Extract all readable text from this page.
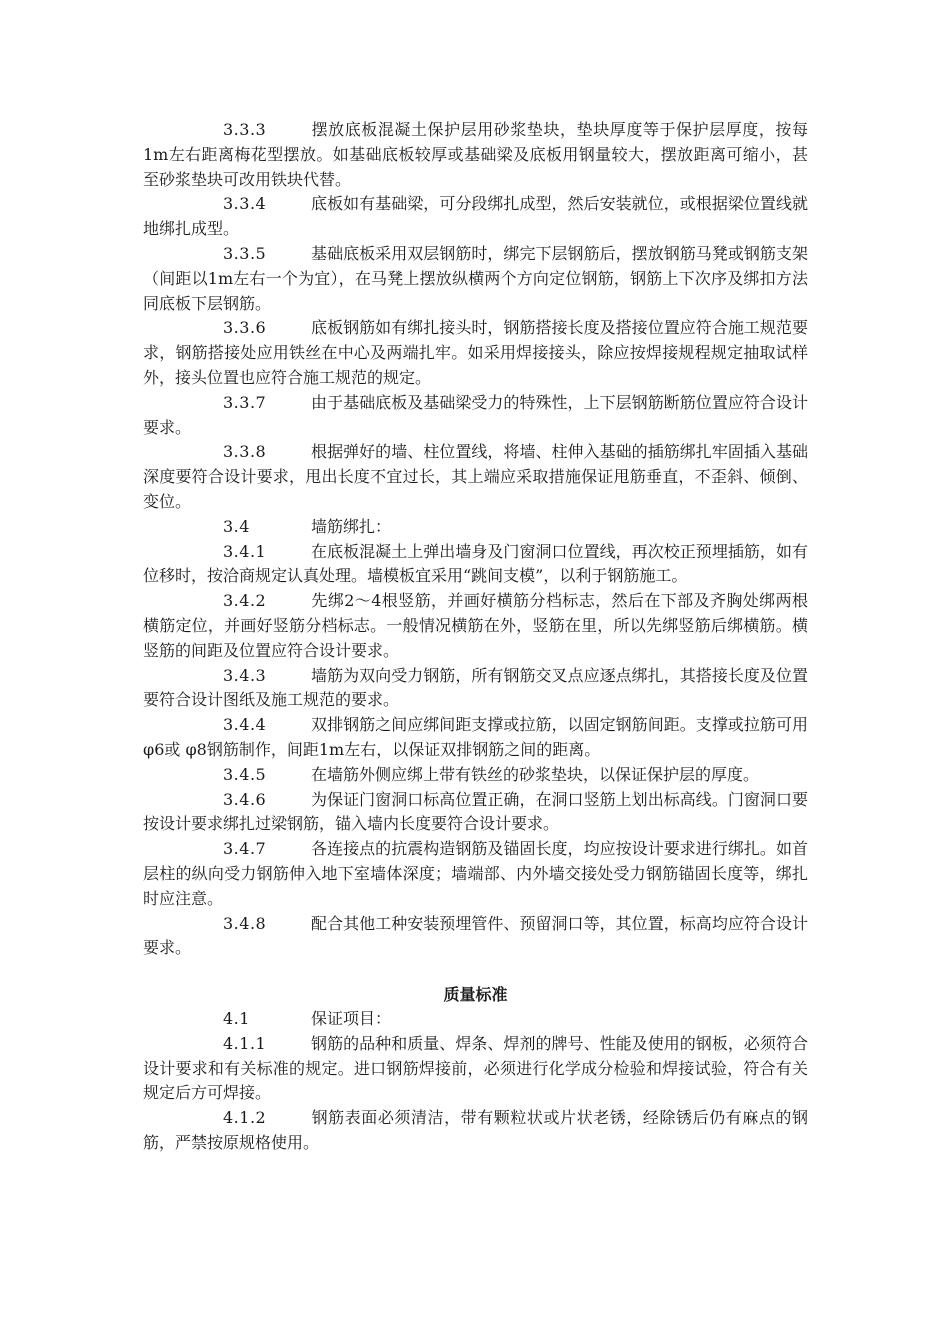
3.3.3	摆放底板混凝土保护层用砂浆垫块，垫块厚度等于保护层厚度，按每1m左右距离梅花型摆放。如基础底板较厚或基础梁及底板用钢量较大，摆放距离可缩小，甚至砂浆垫块可改用铁块代替。

3.3.4	底板如有基础梁，可分段绑扎成型，然后安装就位，或根据梁位置线就地绑扎成型。

3.3.5	基础底板采用双层钢筋时，绑完下层钢筋后，摆放钢筋马凳或钢筋支架（间距以1m左右一个为宜），在马凳上摆放纵横两个方向定位钢筋，钢筋上下次序及绑扣方法同底板下层钢筋。

3.3.6	底板钢筋如有绑扎接头时，钢筋搭接长度及搭接位置应符合施工规范要求，钢筋搭接处应用铁丝在中心及两端扎牢。如采用焊接接头，除应按焊接规程规定抽取试样外，接头位置也应符合施工规范的规定。

3.3.7	由于基础底板及基础梁受力的特殊性，上下层钢筋断筋位置应符合设计要求。

3.3.8	根据弹好的墙、柱位置线，将墙、柱伸入基础的插筋绑扎牢固插入基础深度要符合设计要求，甩出长度不宜过长，其上端应采取措施保证甩筋垂直，不歪斜、倾倒、变位。

3.4	墙筋绑扎：

3.4.1	在底板混凝土上弹出墙身及门窗洞口位置线，再次校正预埋插筋，如有位移时，按洽商规定认真处理。墙模板宜采用“跳间支模”，以利于钢筋施工。

3.4.2	先绑2～4根竖筋，并画好横筋分档标志，然后在下部及齐胸处绑两根横筋定位，并画好竖筋分档标志。一般情况横筋在外，竖筋在里，所以先绑竖筋后绑横筋。横竖筋的间距及位置应符合设计要求。

3.4.3	墙筋为双向受力钢筋，所有钢筋交叉点应逐点绑扎，其搭接长度及位置要符合设计图纸及施工规范的要求。

3.4.4	双排钢筋之间应绑间距支撑或拉筋，以固定钢筋间距。支撑或拉筋可用 φ6或 φ8钢筋制作，间距1m左右，以保证双排钢筋之间的距离。

3.4.5	在墙筋外侧应绑上带有铁丝的砂浆垫块，以保证保护层的厚度。

3.4.6	为保证门窗洞口标高位置正确，在洞口竖筋上划出标高线。门窗洞口要按设计要求绑扎过梁钢筋，锚入墙内长度要符合设计要求。

3.4.7	各连接点的抗震构造钢筋及锚固长度，均应按设计要求进行绑扎。如首层柱的纵向受力钢筋伸入地下室墙体深度；墙端部、内外墙交接处受力钢筋锚固长度等，绑扎时应注意。

3.4.8	配合其他工种安装预埋管件、预留洞口等，其位置，标高均应符合设计要求。

质量标准

4.1	保证项目：

4.1.1	钢筋的品种和质量、焊条、焊剂的牌号、性能及使用的钢板，必须符合设计要求和有关标准的规定。进口钢筋焊接前，必须进行化学成分检验和焊接试验，符合有关规定后方可焊接。

4.1.2	钢筋表面必须清洁，带有颗粒状或片状老锈，经除锈后仍有麻点的钢筋，严禁按原规格使用。
